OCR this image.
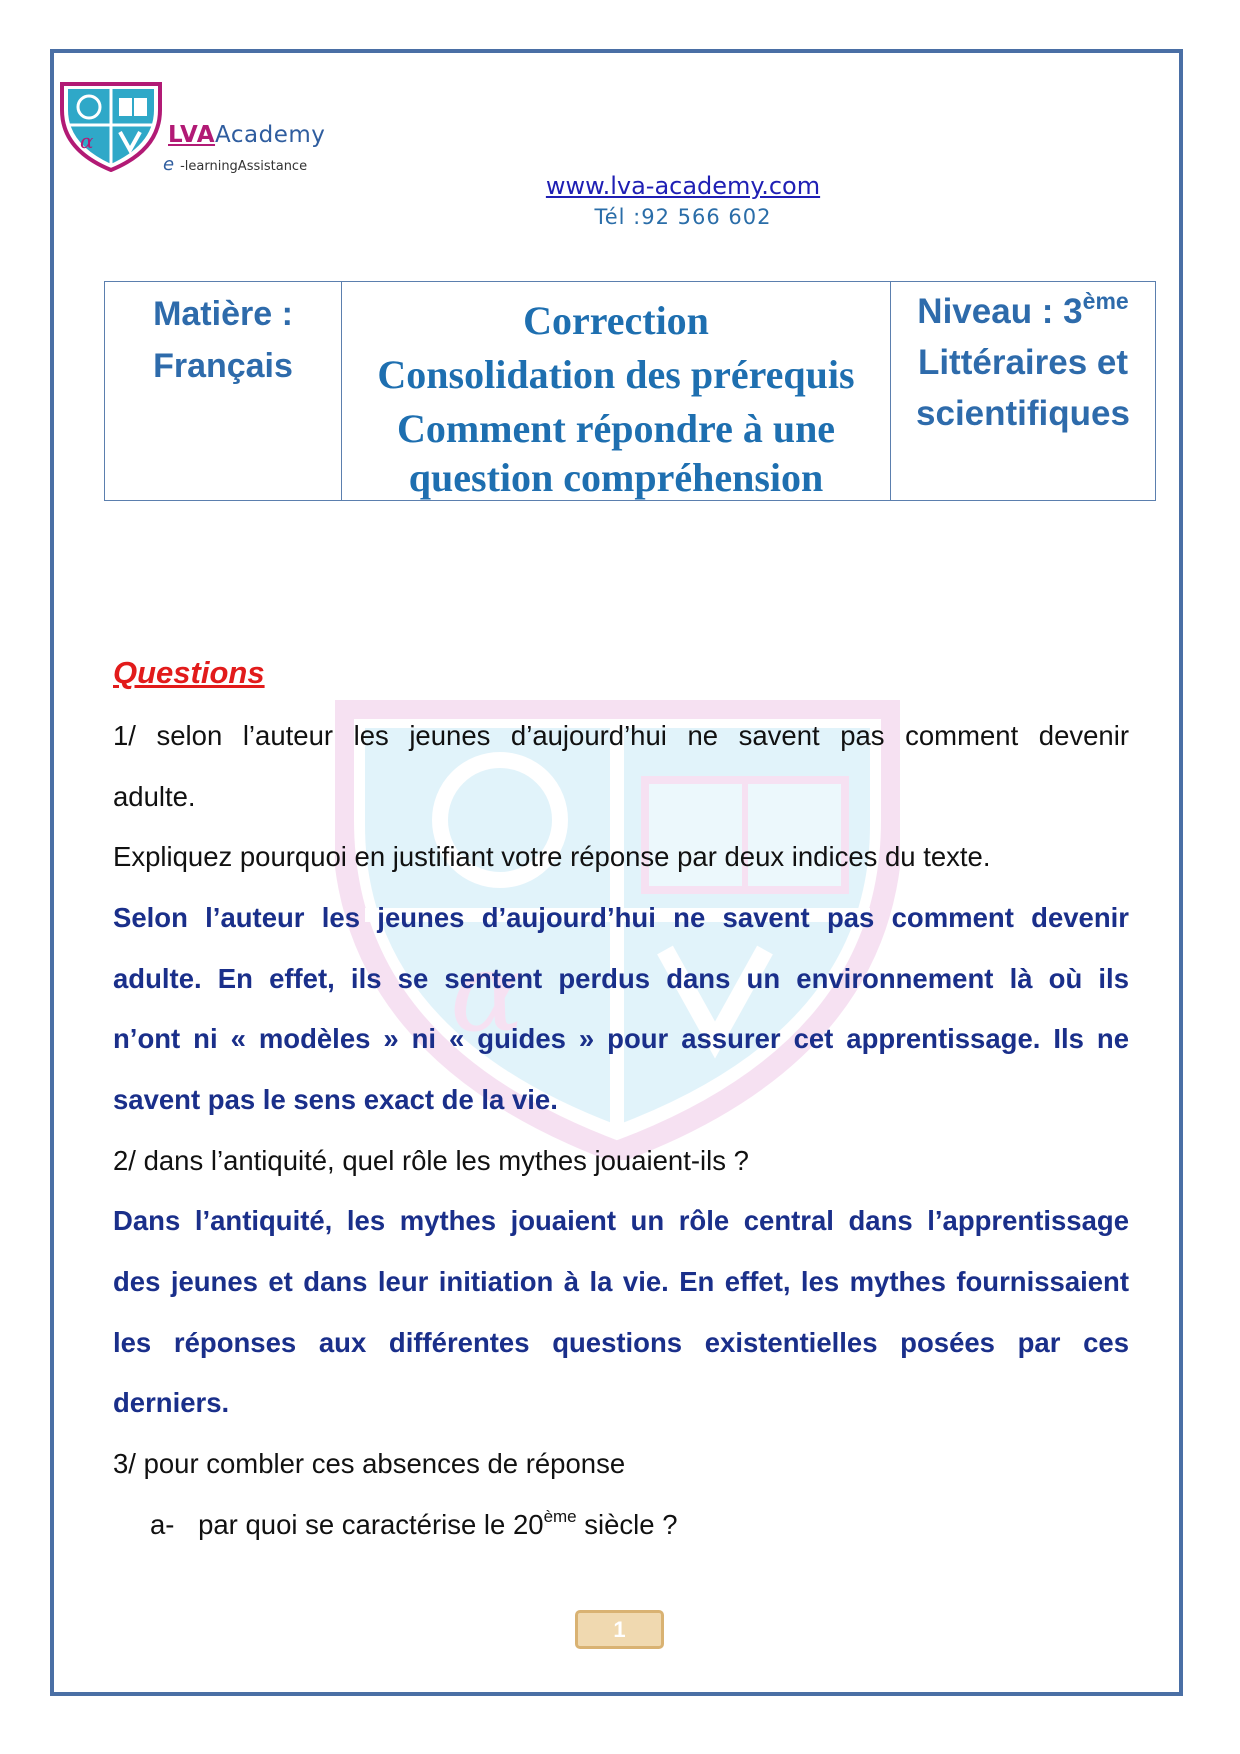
α	LVAAcademy
e -learningAssistance
www.lva-academy.com
Tél :92 566 602
Matière :
Français

Correction
Consolidation des prérequis
Comment répondre à une
question compréhension

Niveau : 3ème
Littéraires et
scientifiques
α
Questions
1/ selon l’auteur les jeunes d’aujourd’hui ne savent pas comment devenir
adulte.
Expliquez pourquoi en justifiant votre réponse par deux indices du texte.
Selon l’auteur les jeunes d’aujourd’hui ne savent pas comment devenir
adulte. En effet, ils se sentent perdus dans un environnement là où ils
n’ont ni « modèles » ni « guides » pour assurer cet apprentissage. Ils ne
savent pas le sens exact de la vie.
2/ dans l’antiquité, quel rôle les mythes jouaient-ils ?
Dans l’antiquité, les mythes jouaient un rôle central dans l’apprentissage
des jeunes et dans leur initiation à la vie. En effet, les mythes fournissaient
les réponses aux différentes questions existentielles posées par ces
derniers.
3/ pour combler ces absences de réponse
a- par quoi se caractérise le 20ème siècle ?
1
